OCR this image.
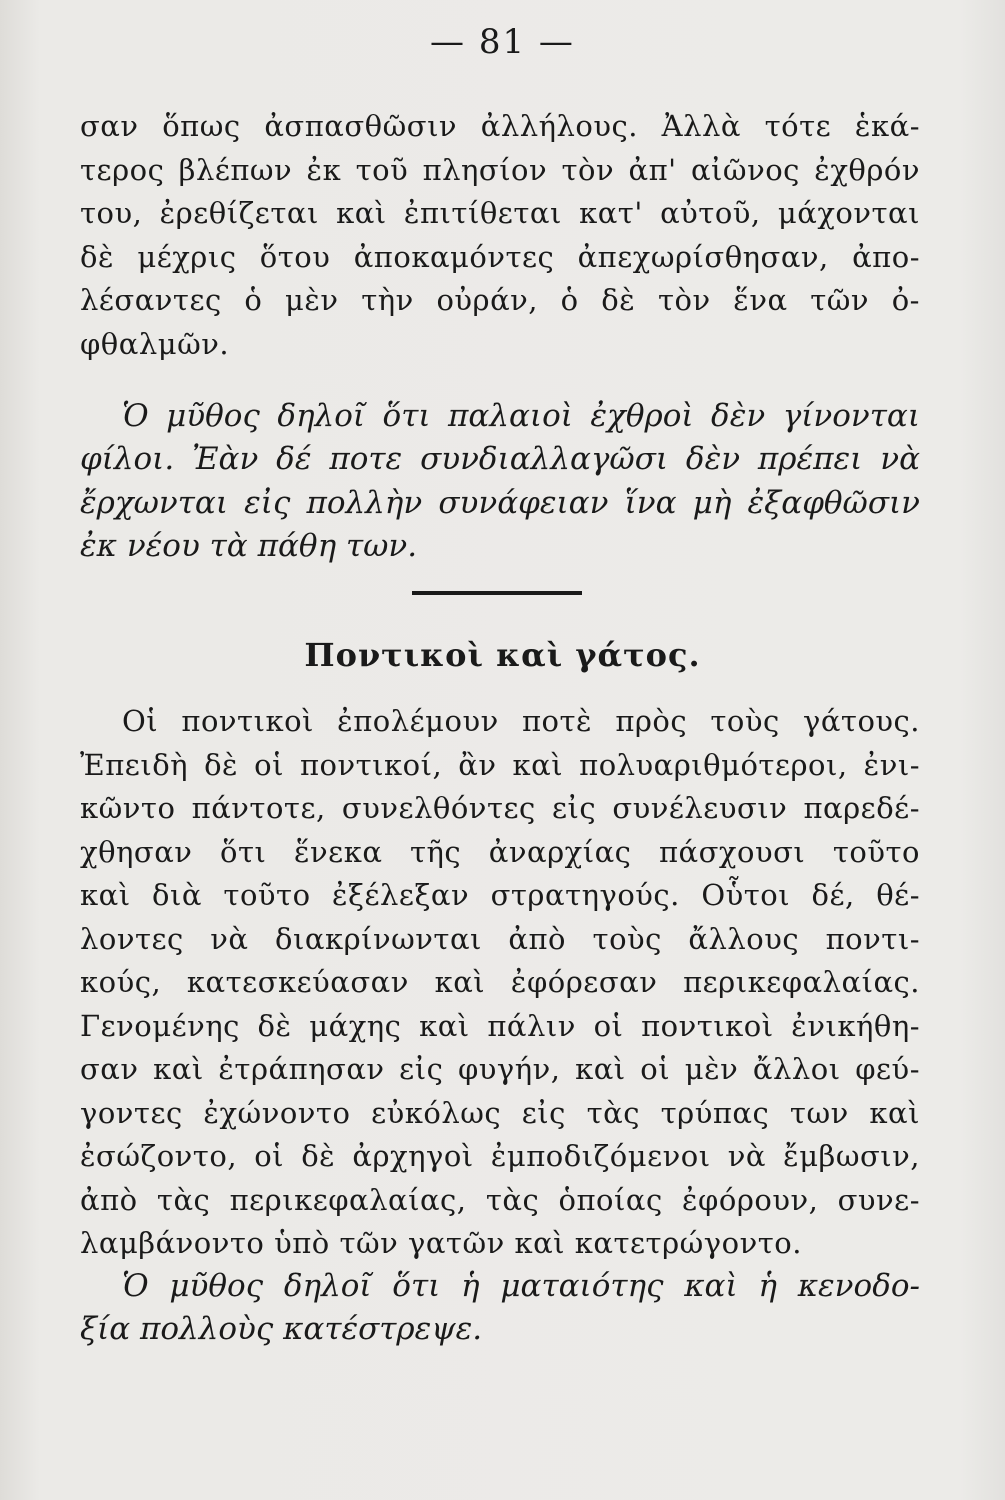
— 81 —
σαν ὅπως ἀσπασθῶσιν ἀλλήλους. Ἀλλὰ τότε ἑκά-
τερος βλέπων ἐκ τοῦ πλησίον τὸν ἀπ' αἰῶνος ἐχθρόν
του, ἐρεθίζεται καὶ ἐπιτίθεται κατ' αὐτοῦ, μάχονται
δὲ μέχρις ὅτου ἀποκαμόντες ἀπεχωρίσθησαν, ἀπο-
λέσαντες ὁ μὲν τὴν οὐράν, ὁ δὲ τὸν ἕνα τῶν ὀ-
φθαλμῶν.
Ὁ μῦθος δηλοῖ ὅτι παλαιοὶ ἐχθροὶ δὲν γίνονται
φίλοι. Ἐὰν δέ ποτε συνδιαλλαγῶσι δὲν πρέπει νὰ
ἔρχωνται εἰς πολλὴν συνάφειαν ἵνα μὴ ἐξαφθῶσιν
ἐκ νέου τὰ πάθη των.
Ποντικοὶ καὶ γάτος.
Οἱ ποντικοὶ ἐπολέμουν ποτὲ πρὸς τοὺς γάτους.
Ἐπειδὴ δὲ οἱ ποντικοί, ἂν καὶ πολυαριθμότεροι, ἐνι-
κῶντο πάντοτε, συνελθόντες εἰς συνέλευσιν παρεδέ-
χθησαν ὅτι ἕνεκα τῆς ἀναρχίας πάσχουσι τοῦτο
καὶ διὰ τοῦτο ἐξέλεξαν στρατηγούς. Οὗτοι δέ, θέ-
λοντες νὰ διακρίνωνται ἀπὸ τοὺς ἄλλους ποντι-
κούς, κατεσκεύασαν καὶ ἐφόρεσαν περικεφαλαίας.
Γενομένης δὲ μάχης καὶ πάλιν οἱ ποντικοὶ ἐνικήθη-
σαν καὶ ἐτράπησαν εἰς φυγήν, καὶ οἱ μὲν ἄλλοι φεύ-
γοντες ἐχώνοντο εὐκόλως εἰς τὰς τρύπας των καὶ
ἐσώζοντο, οἱ δὲ ἀρχηγοὶ ἐμποδιζόμενοι νὰ ἔμβωσιν,
ἀπὸ τὰς περικεφαλαίας, τὰς ὁποίας ἐφόρουν, συνε-
λαμβάνοντο ὑπὸ τῶν γατῶν καὶ κατετρώγοντο.
Ὁ μῦθος δηλοῖ ὅτι ἡ ματαιότης καὶ ἡ κενοδο-
ξία πολλοὺς κατέστρεψε.
